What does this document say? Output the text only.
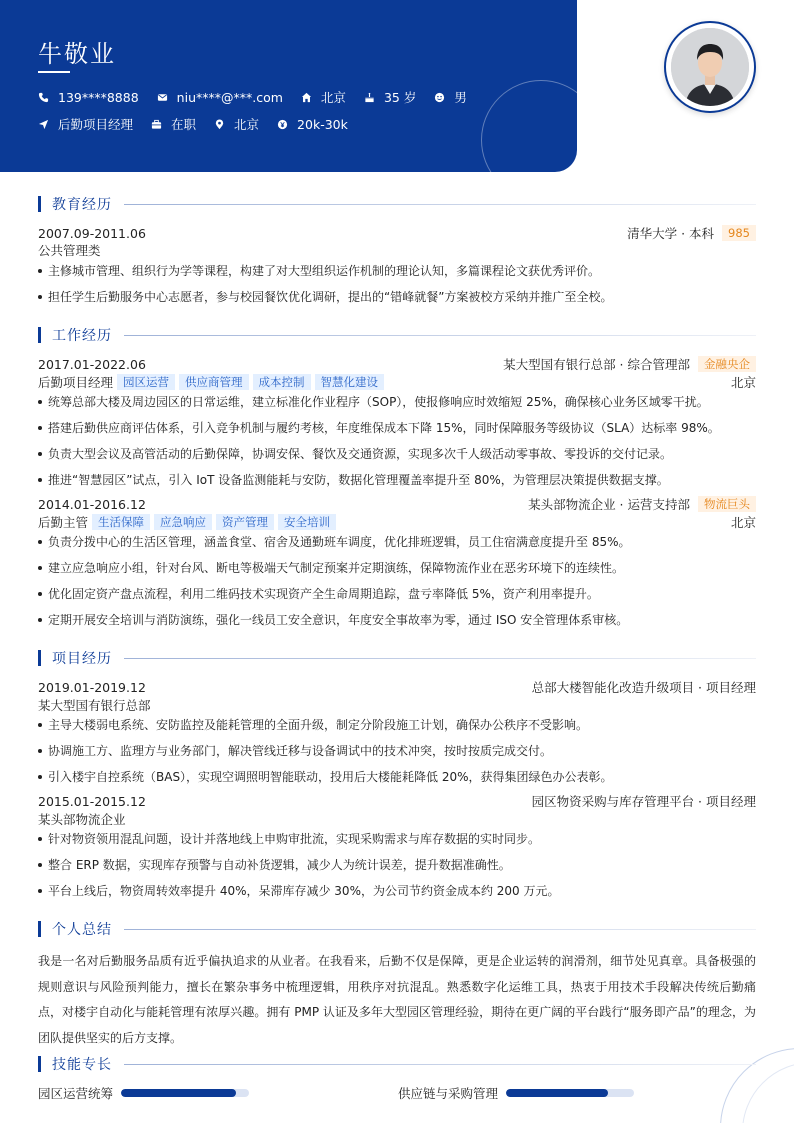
牛敬业
139****8888	niu****@***.com	北京	35 岁	男
后勤项目经理	在职	北京	20k-30k
教育经历
2007.09-2011.06	清华大学 · 本科	985
公共管理类
主修城市管理、组织行为学等课程，构建了对大型组织运作机制的理论认知，多篇课程论文获优秀评价。
担任学生后勤服务中心志愿者，参与校园餐饮优化调研，提出的“错峰就餐”方案被校方采纳并推广至全校。
工作经历
2017.01-2022.06	某大型国有银行总部 · 综合管理部	金融央企
后勤项目经理 园区运营	供应商管理	成本控制	智慧化建设	北京
统筹总部大楼及周边园区的日常运维，建立标准化作业程序（SOP），使报修响应时效缩短 25%，确保核心业务区域零干扰。
搭建后勤供应商评估体系，引入竞争机制与履约考核，年度维保成本下降 15%，同时保障服务等级协议（SLA）达标率 98%。
负责大型会议及高管活动的后勤保障，协调安保、餐饮及交通资源，实现多次千人级活动零事故、零投诉的交付记录。
推进“智慧园区”试点，引入 IoT 设备监测能耗与安防，数据化管理覆盖率提升至 80%，为管理层决策提供数据支撑。
2014.01-2016.12	某头部物流企业 · 运营支持部	物流巨头
后勤主管 生活保障	应急响应	资产管理	安全培训	北京
负责分拨中心的生活区管理，涵盖食堂、宿舍及通勤班车调度，优化排班逻辑，员工住宿满意度提升至 85%。
建立应急响应小组，针对台风、断电等极端天气制定预案并定期演练，保障物流作业在恶劣环境下的连续性。
优化固定资产盘点流程，利用二维码技术实现资产全生命周期追踪，盘亏率降低 5%，资产利用率提升。
定期开展安全培训与消防演练，强化一线员工安全意识，年度安全事故率为零，通过 ISO 安全管理体系审核。
项目经历
2019.01-2019.12	总部大楼智能化改造升级项目 · 项目经理
某大型国有银行总部
主导大楼弱电系统、安防监控及能耗管理的全面升级，制定分阶段施工计划，确保办公秩序不受影响。
协调施工方、监理方与业务部门，解决管线迁移与设备调试中的技术冲突，按时按质完成交付。
引入楼宇自控系统（BAS），实现空调照明智能联动，投用后大楼能耗降低 20%，获得集团绿色办公表彰。
2015.01-2015.12	园区物资采购与库存管理平台 · 项目经理
某头部物流企业
针对物资领用混乱问题，设计并落地线上申购审批流，实现采购需求与库存数据的实时同步。
整合 ERP 数据，实现库存预警与自动补货逻辑，减少人为统计误差，提升数据准确性。
平台上线后，物资周转效率提升 40%，呆滞库存减少 30%，为公司节约资金成本约 200 万元。
个人总结
我是一名对后勤服务品质有近乎偏执追求的从业者。在我看来，后勤不仅是保障，更是企业运转的润滑剂，细节处见真章。具备极强的规则意识与风险预判能力，擅长在繁杂事务中梳理逻辑，用秩序对抗混乱。熟悉数字化运维工具，热衷于用技术手段解决传统后勤痛点，对楼宇自动化与能耗管理有浓厚兴趣。拥有 PMP 认证及多年大型园区管理经验，期待在更广阔的平台践行“服务即产品”的理念，为团队提供坚实的后方支撑。
技能专长
园区运营统筹	供应链与采购管理
